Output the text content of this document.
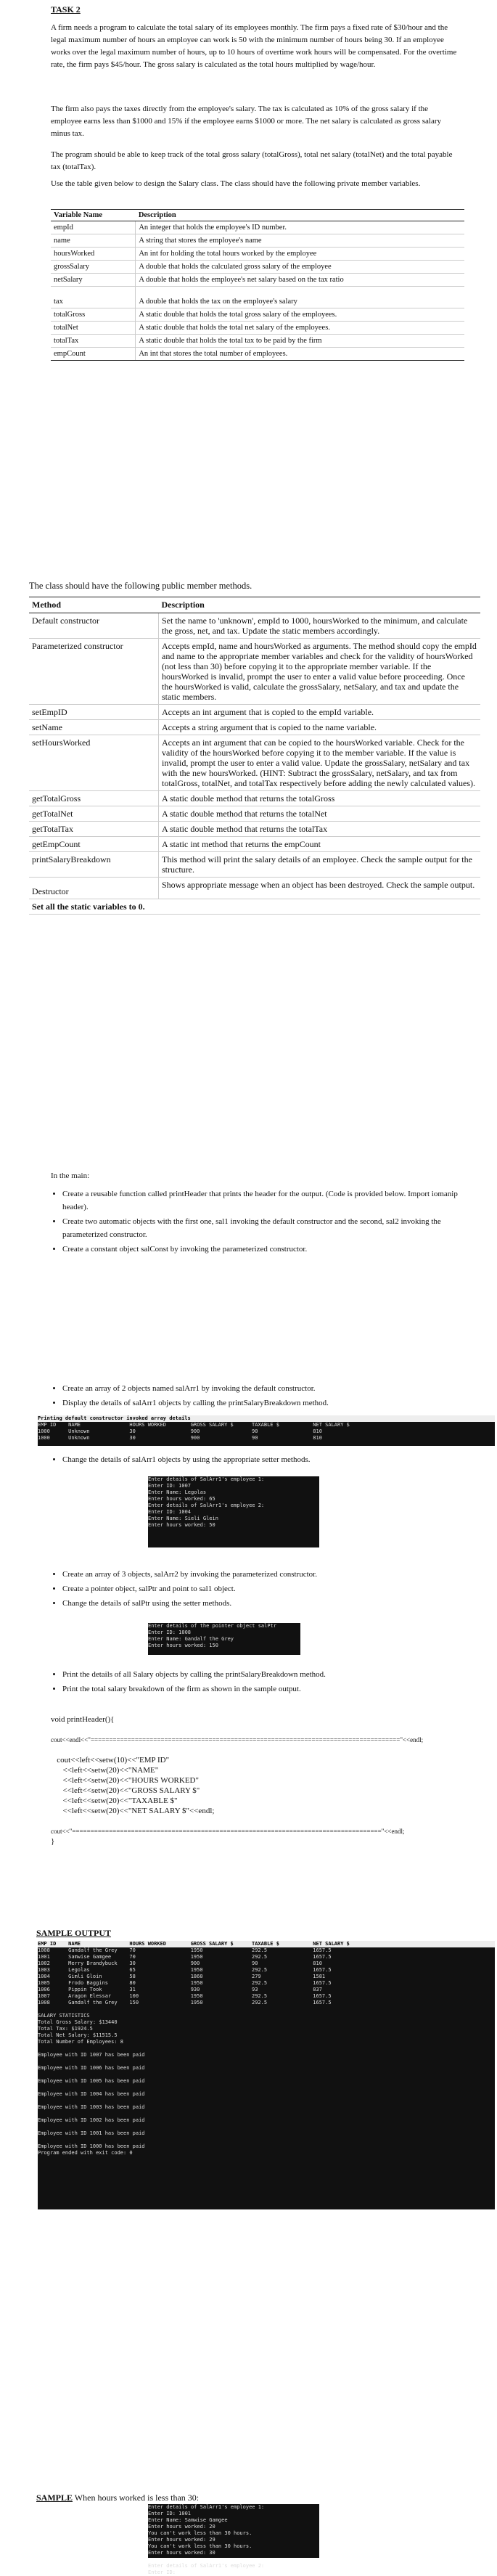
TASK 2

A firm needs a program to calculate the total salary of its employees monthly. The firm pays a fixed rate of $30/hour and the legal maximum number of hours an employee can work is 50 with the minimum number of hours being 30. If an employee works over the legal maximum number of hours, up to 10 hours of overtime work hours will be compensated. For the overtime rate, the firm pays $45/hour. The gross salary is calculated as the total hours multiplied by wage/hour.

The firm also pays the taxes directly from the employee's salary. The tax is calculated as 10% of the gross salary if the employee earns less than $1000 and 15% if the employee earns $1000 or more. The net salary is calculated as gross salary minus tax.

The program should be able to keep track of the total gross salary (totalGross), total net salary (totalNet) and the total payable tax (totalTax).

Use the table given below to design the Salary class. The class should have the following private member variables.

Variable Name	Description
empId	An integer that holds the employee's ID number.
name	A string that stores the employee's name
hoursWorked	An int for holding the total hours worked by the employee
grossSalary	A double that holds the calculated gross salary of the employee
netSalary	A double that holds the employee's net salary based on the tax ratio
tax	A double that holds the tax on the employee's salary
totalGross	A static double that holds the total gross salary of the employees.
totalNet	A static double that holds the total net salary of the employees.
totalTax	A static double that holds the total tax to be paid by the firm
empCount	An int that stores the total number of employees.

The class should have the following public member methods.

Method	Description
Default constructor	Set the name to 'unknown', empId to 1000, hoursWorked to the minimum, and calculate the gross, net, and tax. Update the static members accordingly.
Parameterized constructor	Accepts empId, name and hoursWorked as arguments. The method should copy the empId and name to the appropriate member variables and check for the validity of hoursWorked (not less than 30) before copying it to the appropriate member variable. If the hoursWorked is invalid, prompt the user to enter a valid value before proceeding. Once the hoursWorked is valid, calculate the grossSalary, netSalary, and tax and update the static members.
setEmpID	Accepts an int argument that is copied to the empId variable.
setName	Accepts a string argument that is copied to the name variable.
setHoursWorked	Accepts an int argument that can be copied to the hoursWorked variable. Check for the validity of the hoursWorked before copying it to the member variable. If the value is invalid, prompt the user to enter a valid value. Update the grossSalary, netSalary and tax with the new hoursWorked. (HINT: Subtract the grossSalary, netSalary, and tax from totalGross, totalNet, and totalTax respectively before adding the newly calculated values).
getTotalGross	A static double method that returns the totalGross
getTotalNet	A static double method that returns the totalNet
getTotalTax	A static double method that returns the totalTax
getEmpCount	A static int method that returns the empCount
printSalaryBreakdown	This method will print the salary details of an employee. Check the sample output for the structure.
Destructor	Shows appropriate message when an object has been destroyed. Check the sample output.
Set all the static variables to 0.	

In the main:

• Create a reusable function called printHeader that prints the header for the output. (Code is provided below. Import iomanip header).
• Create two automatic objects with the first one, sal1 invoking the default constructor and the second, sal2 invoking the parameterized constructor.
• Create a constant object salConst by invoking the parameterized constructor.
• Create an array of 2 objects named salArr1 by invoking the default constructor.
• Display the details of salArr1 objects by calling the printSalaryBreakdown method.
Printing default constructor invoked array details
EMP ID    NAME                HOURS WORKED        GROSS SALARY $      TAXABLE $           NET SALARY $
1000      Unknown             30                  900                 90                  810
1000      Unknown             30                  900                 90                  810
• Change the details of salArr1 objects by using the appropriate setter methods.
Enter details of SalArr1's employee 1:
Enter ID: 1007
Enter Name: Legolas
Enter hours worked: 65
Enter details of SalArr1's employee 2:
Enter ID: 1004
Enter Name: Sieli Glein
Enter hours worked: 50
• Create an array of 3 objects, salArr2 by invoking the parameterized constructor.
• Create a pointer object, salPtr and point to sal1 object.
• Change the details of salPtr using the setter methods.
Enter details of the pointer object salPtr
Enter ID: 1008
Enter Name: Gandalf the Grey
Enter hours worked: 150
• Print the details of all Salary objects by calling the printSalaryBreakdown method.
• Print the total salary breakdown of the firm as shown in the sample output.
void printHeader(){

cout<<endl<<"===================================================================================="<<endl;

cout<<left<<setw(10)<<"EMP ID"
<<left<<setw(20)<<"NAME"
<<left<<setw(20)<<"HOURS WORKED"
<<left<<setw(20)<<"GROSS SALARY $"
<<left<<setw(20)<<"TAXABLE $"
<<left<<setw(20)<<"NET SALARY $"<<endl;

cout<<"===================================================================================="<<endl;
}

SAMPLE OUTPUT

EMP ID    NAME                HOURS WORKED        GROSS SALARY $      TAXABLE $           NET SALARY $
1008      Gandalf the Grey    70                  1950                292.5               1657.5
1001      Samwise Gamgee      70                  1950                292.5               1657.5
1002      Merry Brandybuck    30                  900                 90                  810
1003      Legolas             65                  1950                292.5               1657.5
1004      Gimli Gloin         58                  1860                279                 1581
1005      Frodo Baggins       80                  1950                292.5               1657.5
1006      Pippin Took         31                  930                 93                  837
1007      Aragon Elessar      100                 1950                292.5               1657.5
1008      Gandalf the Grey    150                 1950                292.5               1657.5

SALARY STATISTICS
Total Gross Salary: $13440
Total Tax: $1924.5
Total Net Salary: $11515.5
Total Number of Employees: 8

Employee with ID 1007 has been paid

Employee with ID 1006 has been paid

Employee with ID 1005 has been paid

Employee with ID 1004 has been paid

Employee with ID 1003 has been paid

Employee with ID 1002 has been paid

Employee with ID 1001 has been paid

Employee with ID 1000 has been paid
Program ended with exit code: 0

SAMPLE When hours worked is less than 30:

Enter details of SalArr1's employee 1:
Enter ID: 1001
Enter Name: Samwise Gamgee
Enter hours worked: 20
You can't work less than 30 hours.
Enter hours worked: 29
You can't work less than 30 hours.
Enter hours worked: 30

Enter details of SalArr1's employee 2:
Enter ID:
